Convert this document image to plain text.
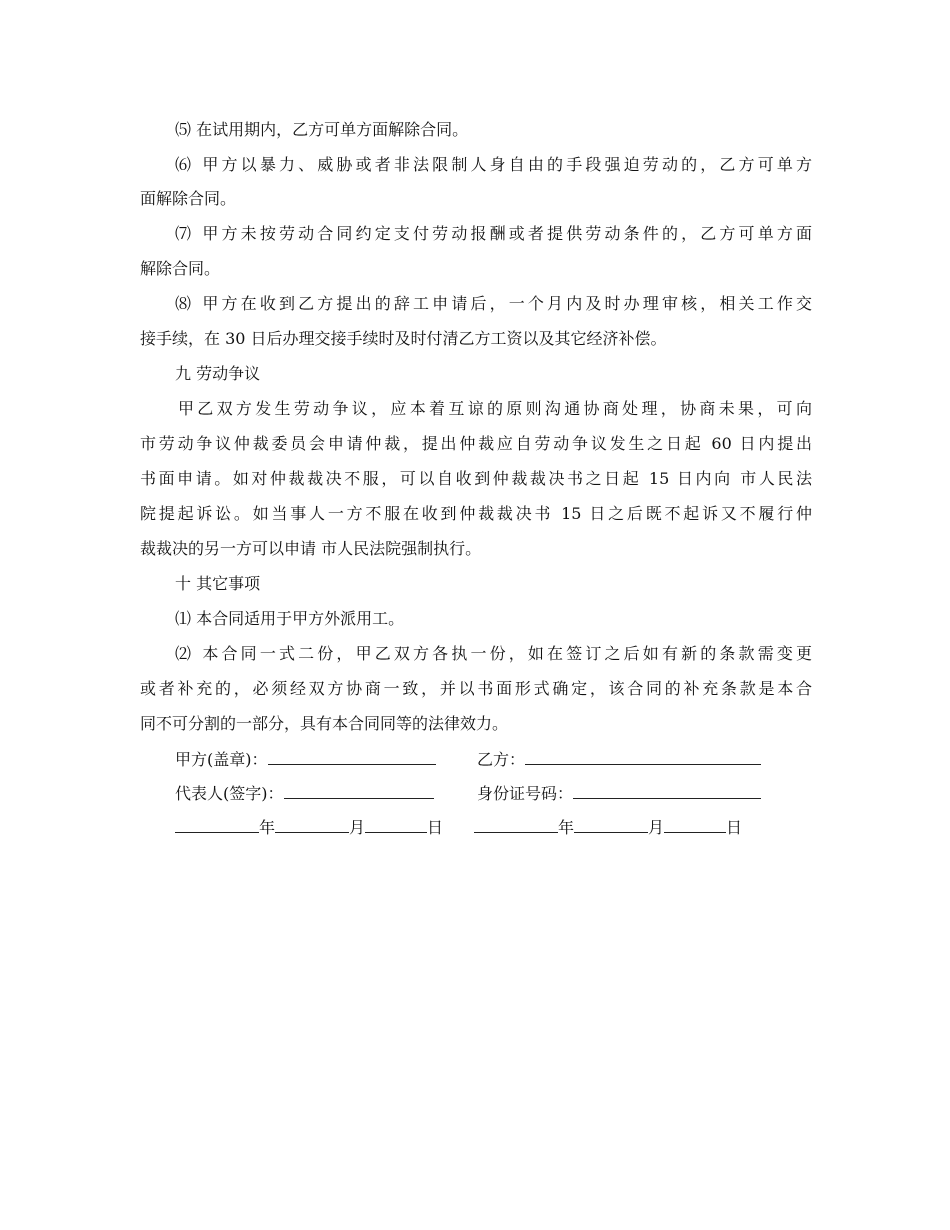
⑸ 在试用期内，乙方可单方面解除合同。
⑹ 甲方以暴力、威胁或者非法限制人身自由的手段强迫劳动的，乙方可单方
面解除合同。
⑺ 甲方未按劳动合同约定支付劳动报酬或者提供劳动条件的，乙方可单方面
解除合同。
⑻ 甲方在收到乙方提出的辞工申请后，一个月内及时办理审核，相关工作交
接手续，在 30 日后办理交接手续时及时付清乙方工资以及其它经济补偿。
九 劳动争议
甲乙双方发生劳动争议，应本着互谅的原则沟通协商处理，协商未果，可向
市劳动争议仲裁委员会申请仲裁，提出仲裁应自劳动争议发生之日起 60 日内提出
书面申请。如对仲裁裁决不服，可以自收到仲裁裁决书之日起 15 日内向 市人民法
院提起诉讼。如当事人一方不服在收到仲裁裁决书 15 日之后既不起诉又不履行仲
裁裁决的另一方可以申请 市人民法院强制执行。
十 其它事项
⑴ 本合同适用于甲方外派用工。
⑵ 本合同一式二份，甲乙双方各执一份，如在签订之后如有新的条款需变更
或者补充的，必须经双方协商一致，并以书面形式确定，该合同的补充条款是本合
同不可分割的一部分，具有本合同同等的法律效力。
甲方(盖章)：	乙方：
代表人(签字)：	身份证号码：
年	月	日	年	月	日
